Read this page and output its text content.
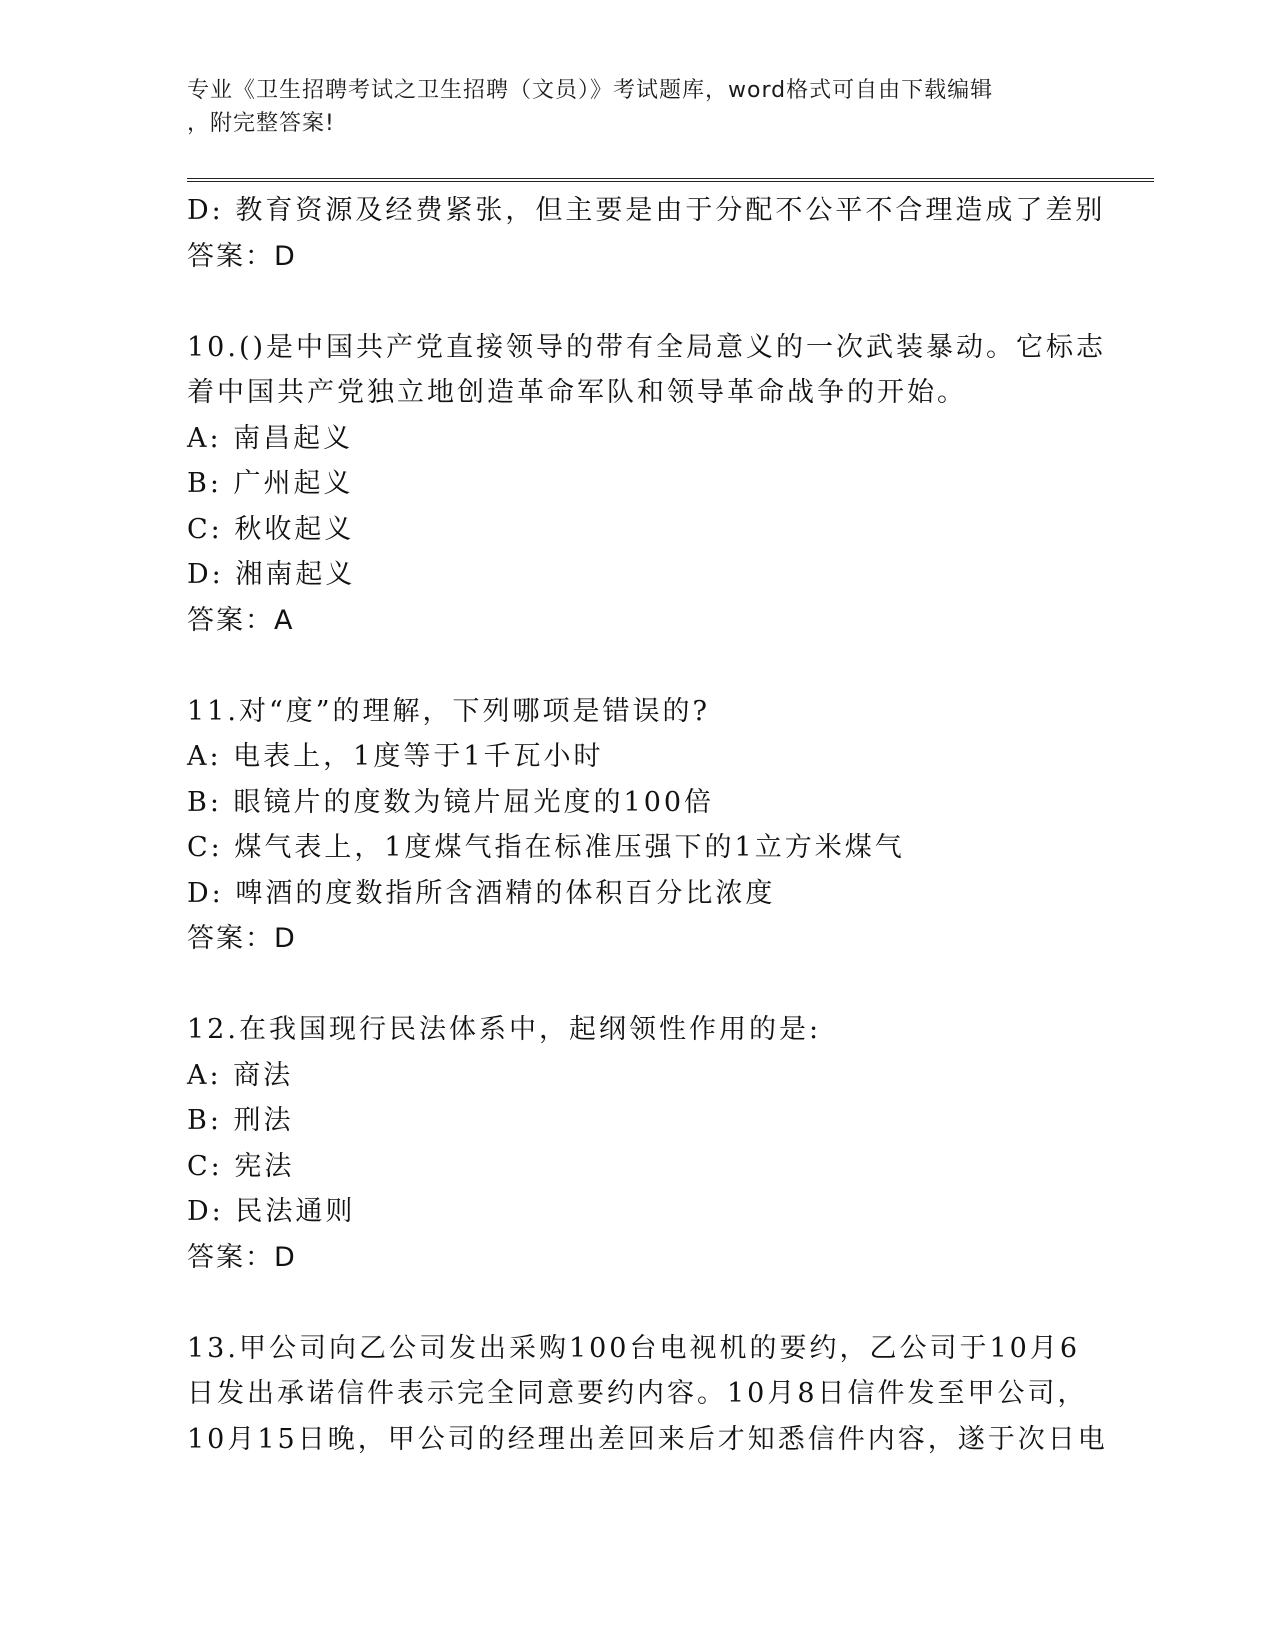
专业《卫生招聘考试之卫生招聘（文员）》考试题库，word格式可自由下载编辑
，附完整答案!
D: 教育资源及经费紧张，但主要是由于分配不公平不合理造成了差别
答案：D
10.()是中国共产党直接领导的带有全局意义的一次武装暴动。它标志
着中国共产党独立地创造革命军队和领导革命战争的开始。
A: 南昌起义
B: 广州起义
C: 秋收起义
D: 湘南起义
答案：A
11.对“度”的理解，下列哪项是错误的?
A: 电表上，1度等于1千瓦小时
B: 眼镜片的度数为镜片屈光度的100倍
C: 煤气表上，1度煤气指在标准压强下的1立方米煤气
D: 啤酒的度数指所含酒精的体积百分比浓度
答案：D
12.在我国现行民法体系中，起纲领性作用的是:
A: 商法
B: 刑法
C: 宪法
D: 民法通则
答案：D
13.甲公司向乙公司发出采购100台电视机的要约，乙公司于10月6
日发出承诺信件表示完全同意要约内容。10月8日信件发至甲公司，
10月15日晚，甲公司的经理出差回来后才知悉信件内容，遂于次日电
